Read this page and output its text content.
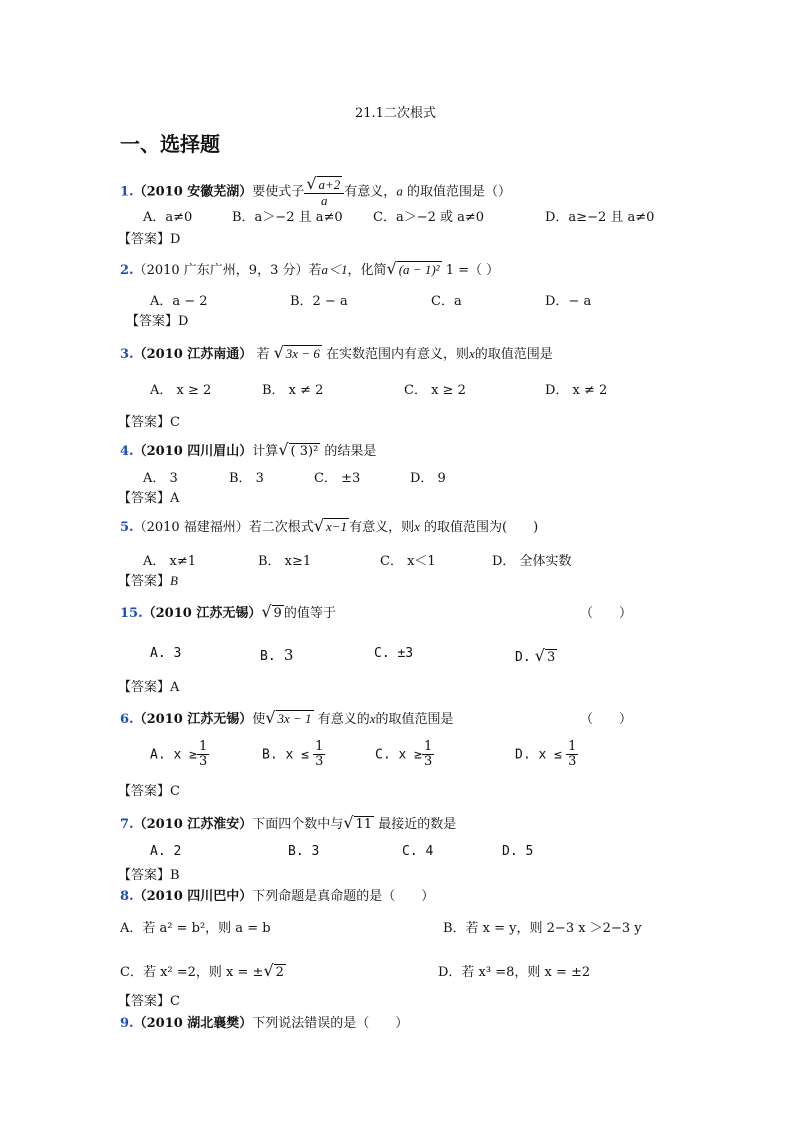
21.1二次根式
一、选择题
1.（2010 安徽芜湖）要使式子 $\frac{√ a+2}{a}$ 有意义，a 的取值范围是（）
A．a≠0	B．a＞−2 且 a≠0 C．a＞−2 或 a≠0	D．a≥−2 且 a≠0
【答案】D
2.（2010 广东广州，9，3 分）若a＜1，化简√ (a − 1)² 1 =（ ）
A．a − 2	B．2 − a	C．a	D．− a
【答案】D
3.（2010 江苏南通） 若 √ 3x − 6 在实数范围内有意义，则x的取值范围是
A． x ≥ 2	B． x ≠ 2	C． x ≥ 2	D． x ≠ 2
【答案】C
4.（2010 四川眉山）计算√ ( 3)² 的结果是
A． 3	B． 3	C． ±3	D． 9
【答案】A
5.（2010 福建福州）若二次根式√ x−1 有意义，则x 的取值范围为(　　)
A． x≠1	B． x≥1	C． x＜1	D． 全体实数
【答案】B
15.（2010 江苏无锡）√ 9 的值等于	（　　）
A. 3	B. 3	C. ±3	D. √ 3
【答案】A
6.（2010 江苏无锡）使√ 3x − 1 有意义的x的取值范围是	（　　）
A. $x \ge \frac{1}{3}$	B. $x \le \frac{1}{3}$	C. $x \ge \frac{1}{3}$	D. $x \le \frac{1}{3}$
【答案】C
7.（2010 江苏淮安）下面四个数中与√ 11 最接近的数是
A. 2	B. 3	C. 4	D. 5
【答案】B
8.（2010 四川巴中）下列命题是真命题的是（　　）
A．若 a² = b²，则 a = b	B．若 x = y，则 2−3 x ＞2−3 y
C．若 x² =2，则 x = ±√ 2	D．若 x³ =8，则 x = ±2
【答案】C
9.（2010 湖北襄樊）下列说法错误的是（　　）
